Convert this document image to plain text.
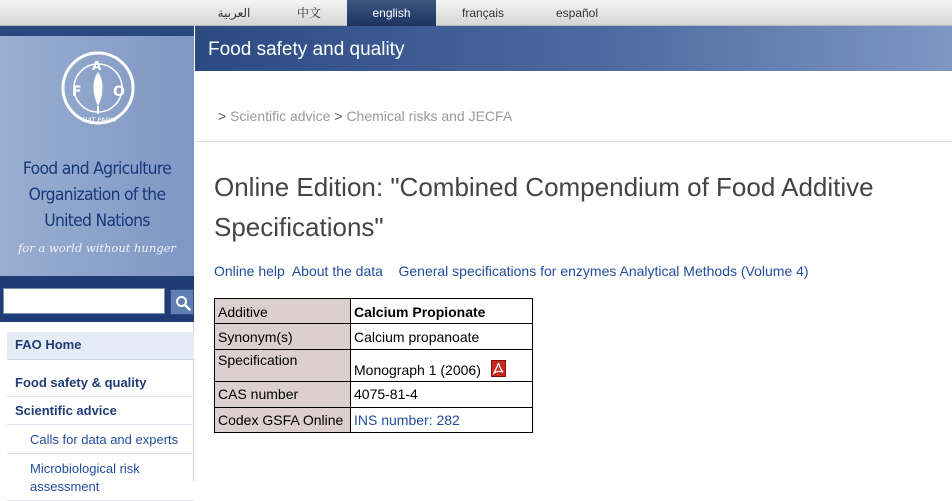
العربية	中文	english	français	español
F
A
O
FIAT PANIS
Food and Agriculture
Organization of the
United Nations
for a world without hunger
FAO Home
Food safety & quality
Scientific advice
Calls for data and experts
Microbiological risk assessment
Food safety and quality
> Scientific advice > Chemical risks and JECFA
Online Edition: "Combined Compendium of Food Additive Specifications"
Online help About the data General specifications for enzymes Analytical Methods (Volume 4)
Additive	Calcium Propionate
Synonym(s)	Calcium propanoate
Specification	Monograph 1 (2006)
CAS number	4075-81-4
Codex GSFA Online	INS number: 282
